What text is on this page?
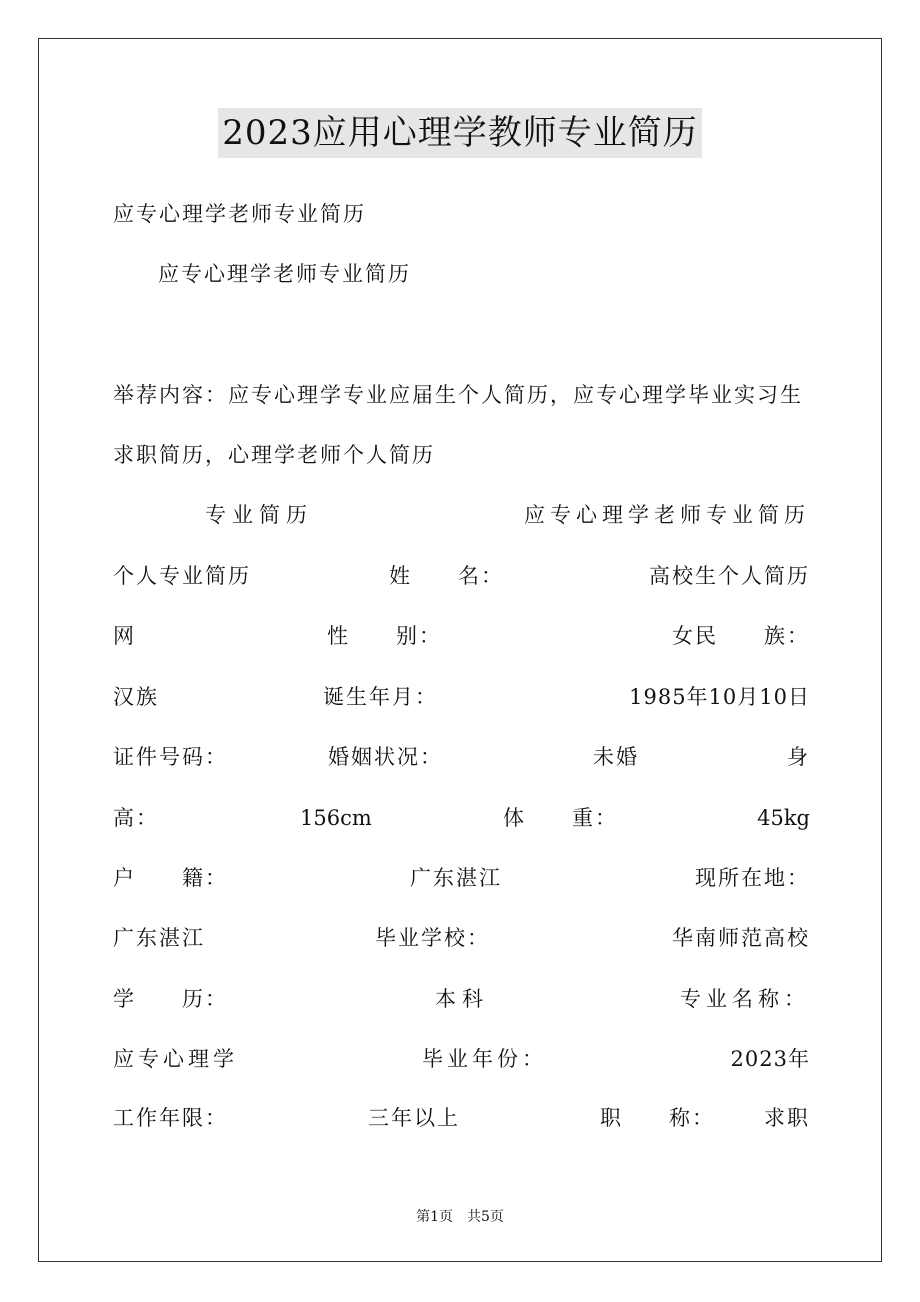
2023应用心理学教师专业简历
应专心理学老师专业简历
应专心理学老师专业简历
举荐内容：应专心理学专业应届生个人简历，应专心理学毕业实习生
求职简历，心理学老师个人简历
专业简历	应专心理学老师专业简历
个人专业简历	姓　　名：	高校生个人简历
网	性　　别：	女民　　族：
汉族	诞生年月：	1985年10月10日
证件号码：	婚姻状况：	未婚	身
高：	156cm	体　　重：	45kg
户　　籍：	广东湛江	现所在地：
广东湛江	毕业学校：	华南师范高校
学　　历：	本科	专业名称：
应专心理学	毕业年份：	2023年
工作年限：	三年以上	职　　称： 求职
第1页　共5页
